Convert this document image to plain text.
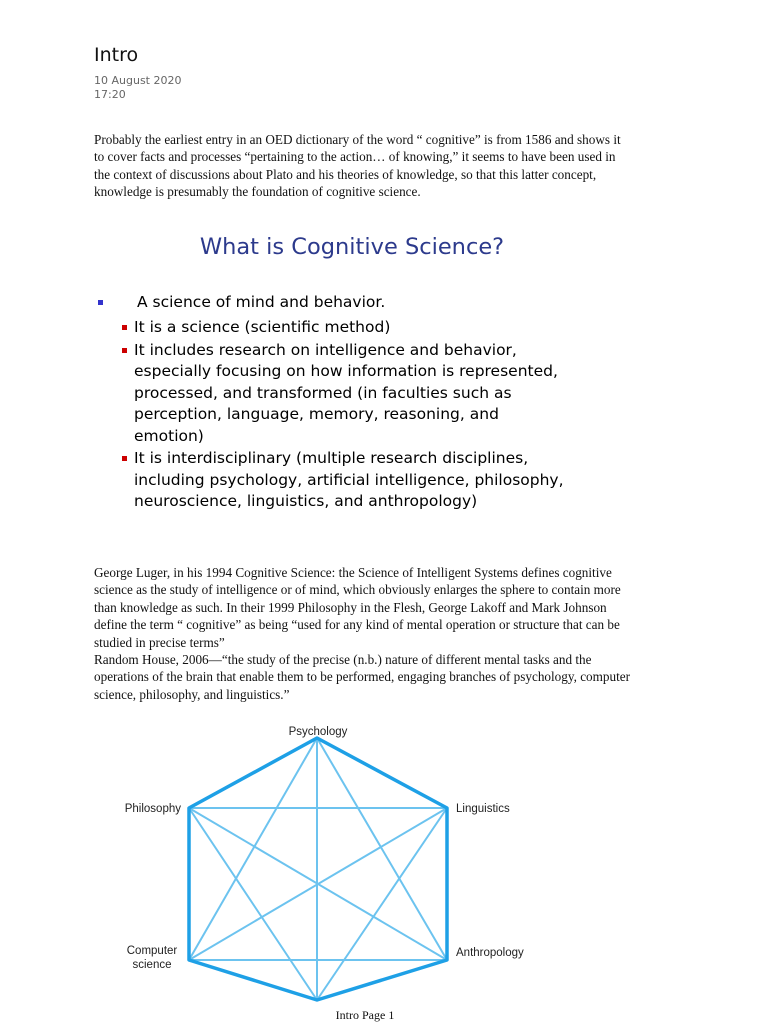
Intro
10 August 2020
17:20
Probably the earliest entry in an OED dictionary of the word “ cognitive” is from 1586 and shows it to cover facts and processes “pertaining to the action… of knowing,” it seems to have been used in the context of discussions about Plato and his theories of knowledge, so that this latter concept, knowledge is presumably the foundation of cognitive science.
What is Cognitive Science?
A science of mind and behavior.
It is a science (scientific method)
It includes research on intelligence and behavior, especially focusing on how information is represented, processed, and transformed (in faculties such as perception, language, memory, reasoning, and emotion)
It is interdisciplinary (multiple research disciplines, including psychology, artificial intelligence, philosophy, neuroscience, linguistics, and anthropology)
George Luger, in his 1994 Cognitive Science: the Science of Intelligent Systems defines cognitive science as the study of intelligence or of mind, which obviously enlarges the sphere to contain more than knowledge as such. In their 1999 Philosophy in the Flesh, George Lakoff and Mark Johnson define the term “ cognitive” as being “used for any kind of mental operation or structure that can be studied in precise terms”
Random House, 2006—“the study of the precise (n.b.) nature of different mental tasks and the operations of the brain that enable them to be performed, engaging branches of psychology, computer science, philosophy, and linguistics.”
Psychology
Philosophy	Linguistics
Anthropology
Computer
science
Intro Page 1
